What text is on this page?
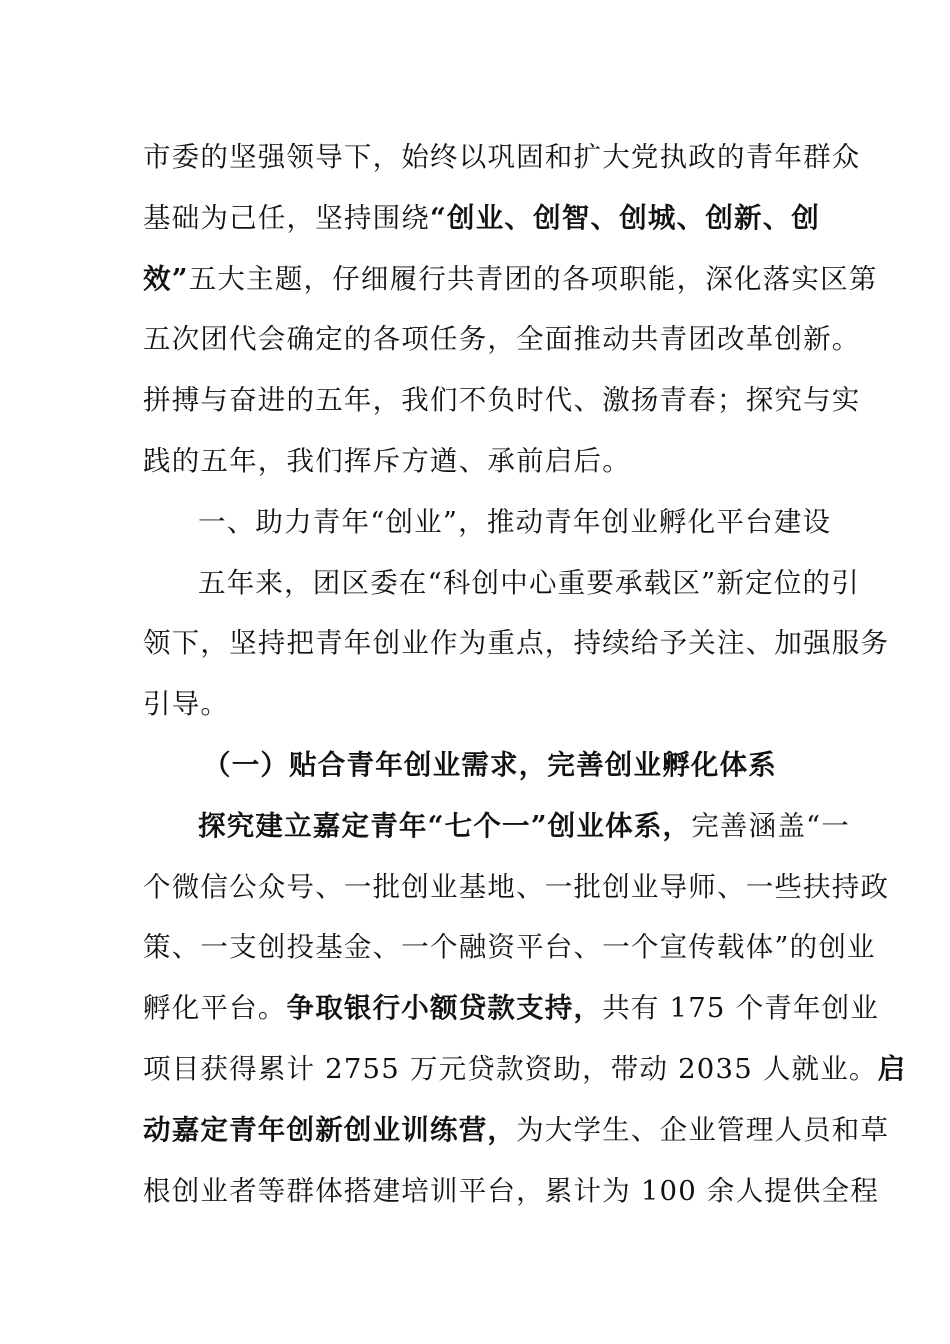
市委的坚强领导下，始终以巩固和扩大党执政的青年群众
基础为己任，坚持围绕“创业、创智、创城、创新、创
效”五大主题，仔细履行共青团的各项职能，深化落实区第
五次团代会确定的各项任务，全面推动共青团改革创新。
拼搏与奋进的五年，我们不负时代、激扬青春；探究与实
践的五年，我们挥斥方遒、承前启后。
一、助力青年“创业”，推动青年创业孵化平台建设
五年来，团区委在“科创中心重要承载区”新定位的引
领下，坚持把青年创业作为重点，持续给予关注、加强服务
引导。
（一）贴合青年创业需求，完善创业孵化体系
探究建立嘉定青年“七个一”创业体系，完善涵盖“一
个微信公众号、一批创业基地、一批创业导师、一些扶持政
策、一支创投基金、一个融资平台、一个宣传载体”的创业
孵化平台。争取银行小额贷款支持，共有 175 个青年创业
项目获得累计 2755 万元贷款资助，带动 2035 人就业。启
动嘉定青年创新创业训练营，为大学生、企业管理人员和草
根创业者等群体搭建培训平台，累计为 100 余人提供全程
